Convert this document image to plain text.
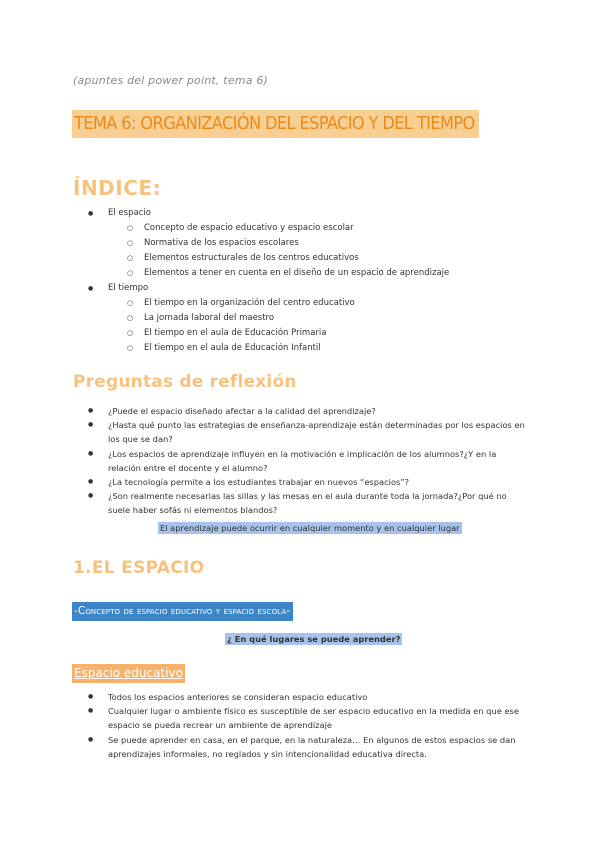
(apuntes del power point, tema 6)
TEMA 6: ORGANIZACIÓN DEL ESPACIO Y DEL TIEMPO
ÍNDICE:
● El espacio
○ Concepto de espacio educativo y espacio escolar
○ Normativa de los espacios escolares
○ Elementos estructurales de los centros educativos
○ Elementos a tener en cuenta en el diseño de un espacio de aprendizaje
● El tiempo
○ El tiempo en la organización del centro educativo
○ La jornada laboral del maestro
○ El tiempo en el aula de Educación Primaria
○ El tiempo en el aula de Educación Infantil
Preguntas de reflexión
● ¿Puede el espacio diseñado afectar a la calidad del aprendizaje?
● ¿Hasta qué punto las estrategias de enseñanza-aprendizaje están determinadas por los espacios en los que se dan?
● ¿Los espacios de aprendizaje influyen en la motivación e implicación de los alumnos?¿Y en la relación entre el docente y el alumno?
● ¿La tecnología permite a los estudiantes trabajar en nuevos “espacios”?
● ¿Son realmente necesarias las sillas y las mesas en el aula durante toda la jornada?¿Por qué no suele haber sofás ni elementos blandos?
El aprendizaje puede ocurrir en cualquier momento y en cualquier lugar
1.EL ESPACIO
-Concepto de espacio educativo y espacio escola-
¿ En qué lugares se puede aprender?
Espacio educativo
● Todos los espacios anteriores se consideran espacio educativo
● Cualquier lugar o ambiente físico es susceptible de ser espacio educativo en la medida en que ese espacio se pueda recrear un ambiente de aprendizaje
● Se puede aprender en casa, en el parque, en la naturaleza… En algunos de estos espacios se dan aprendizajes informales, no reglados y sin intencionalidad educativa directa.
